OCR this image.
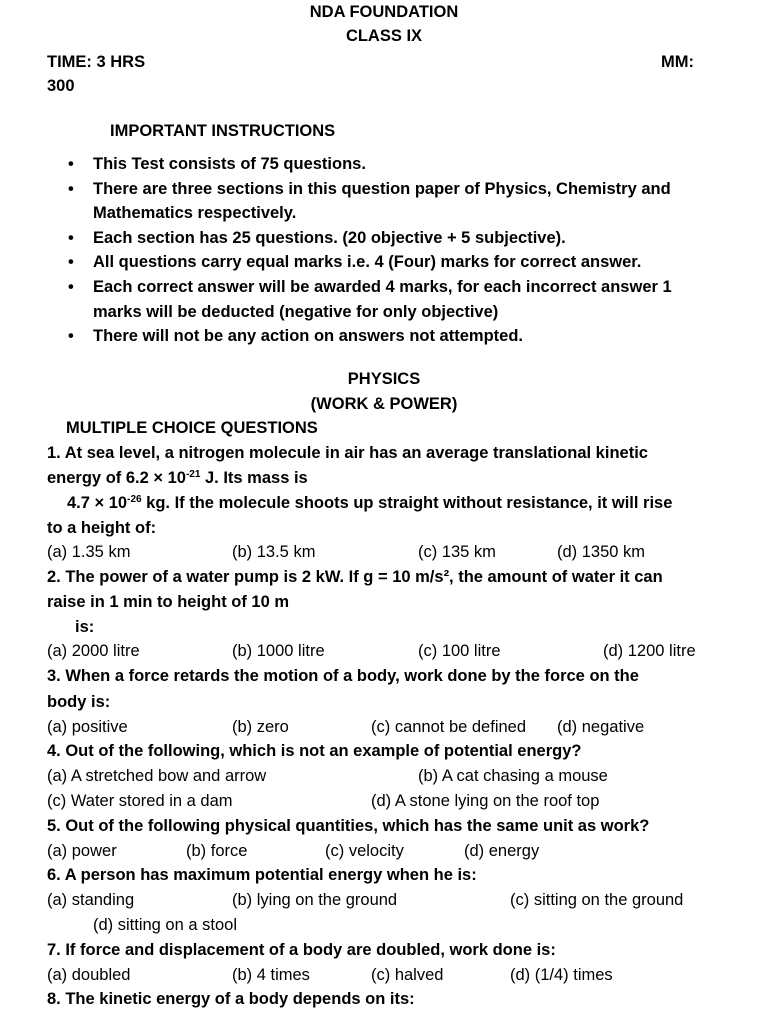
NDA FOUNDATION
CLASS IX
TIME: 3 HRS	MM:
300
IMPORTANT INSTRUCTIONS
• This Test consists of 75 questions.
• There are three sections in this question paper of Physics, Chemistry and
Mathematics respectively.
• Each section has 25 questions. (20 objective + 5 subjective).
• All questions carry equal marks i.e. 4 (Four) marks for correct answer.
• Each correct answer will be awarded 4 marks, for each incorrect answer 1
marks will be deducted (negative for only objective)
• There will not be any action on answers not attempted.
PHYSICS
(WORK & POWER)
MULTIPLE CHOICE QUESTIONS
1. At sea level, a nitrogen molecule in air has an average translational kinetic
energy of $6.2 \times 10^{-21}$ J. Its mass is
$4.7 \times 10^{-26}$ kg. If the molecule shoots up straight without resistance, it will rise
to a height of:
(a) 1.35 km	(b) 13.5 km	(c) 135 km	(d) 1350 km
2. The power of a water pump is 2 kW. If g = 10 m/s², the amount of water it can
raise in 1 min to height of 10 m
is:
(a) 2000 litre	(b) 1000 litre	(c) 100 litre	(d) 1200 litre
3. When a force retards the motion of a body, work done by the force on the
body is:
(a) positive	(b) zero	(c) cannot be defined (d) negative
4. Out of the following, which is not an example of potential energy?
(a) A stretched bow and arrow	(b) A cat chasing a mouse
(c) Water stored in a dam	(d) A stone lying on the roof top
5. Out of the following physical quantities, which has the same unit as work?
(a) power	(b) force	(c) velocity	(d) energy
6. A person has maximum potential energy when he is:
(a) standing	(b) lying on the ground	(c) sitting on the ground
(d) sitting on a stool
7. If force and displacement of a body are doubled, work done is:
(a) doubled	(b) 4 times	(c) halved	(d) (1/4) times
8. The kinetic energy of a body depends on its:
